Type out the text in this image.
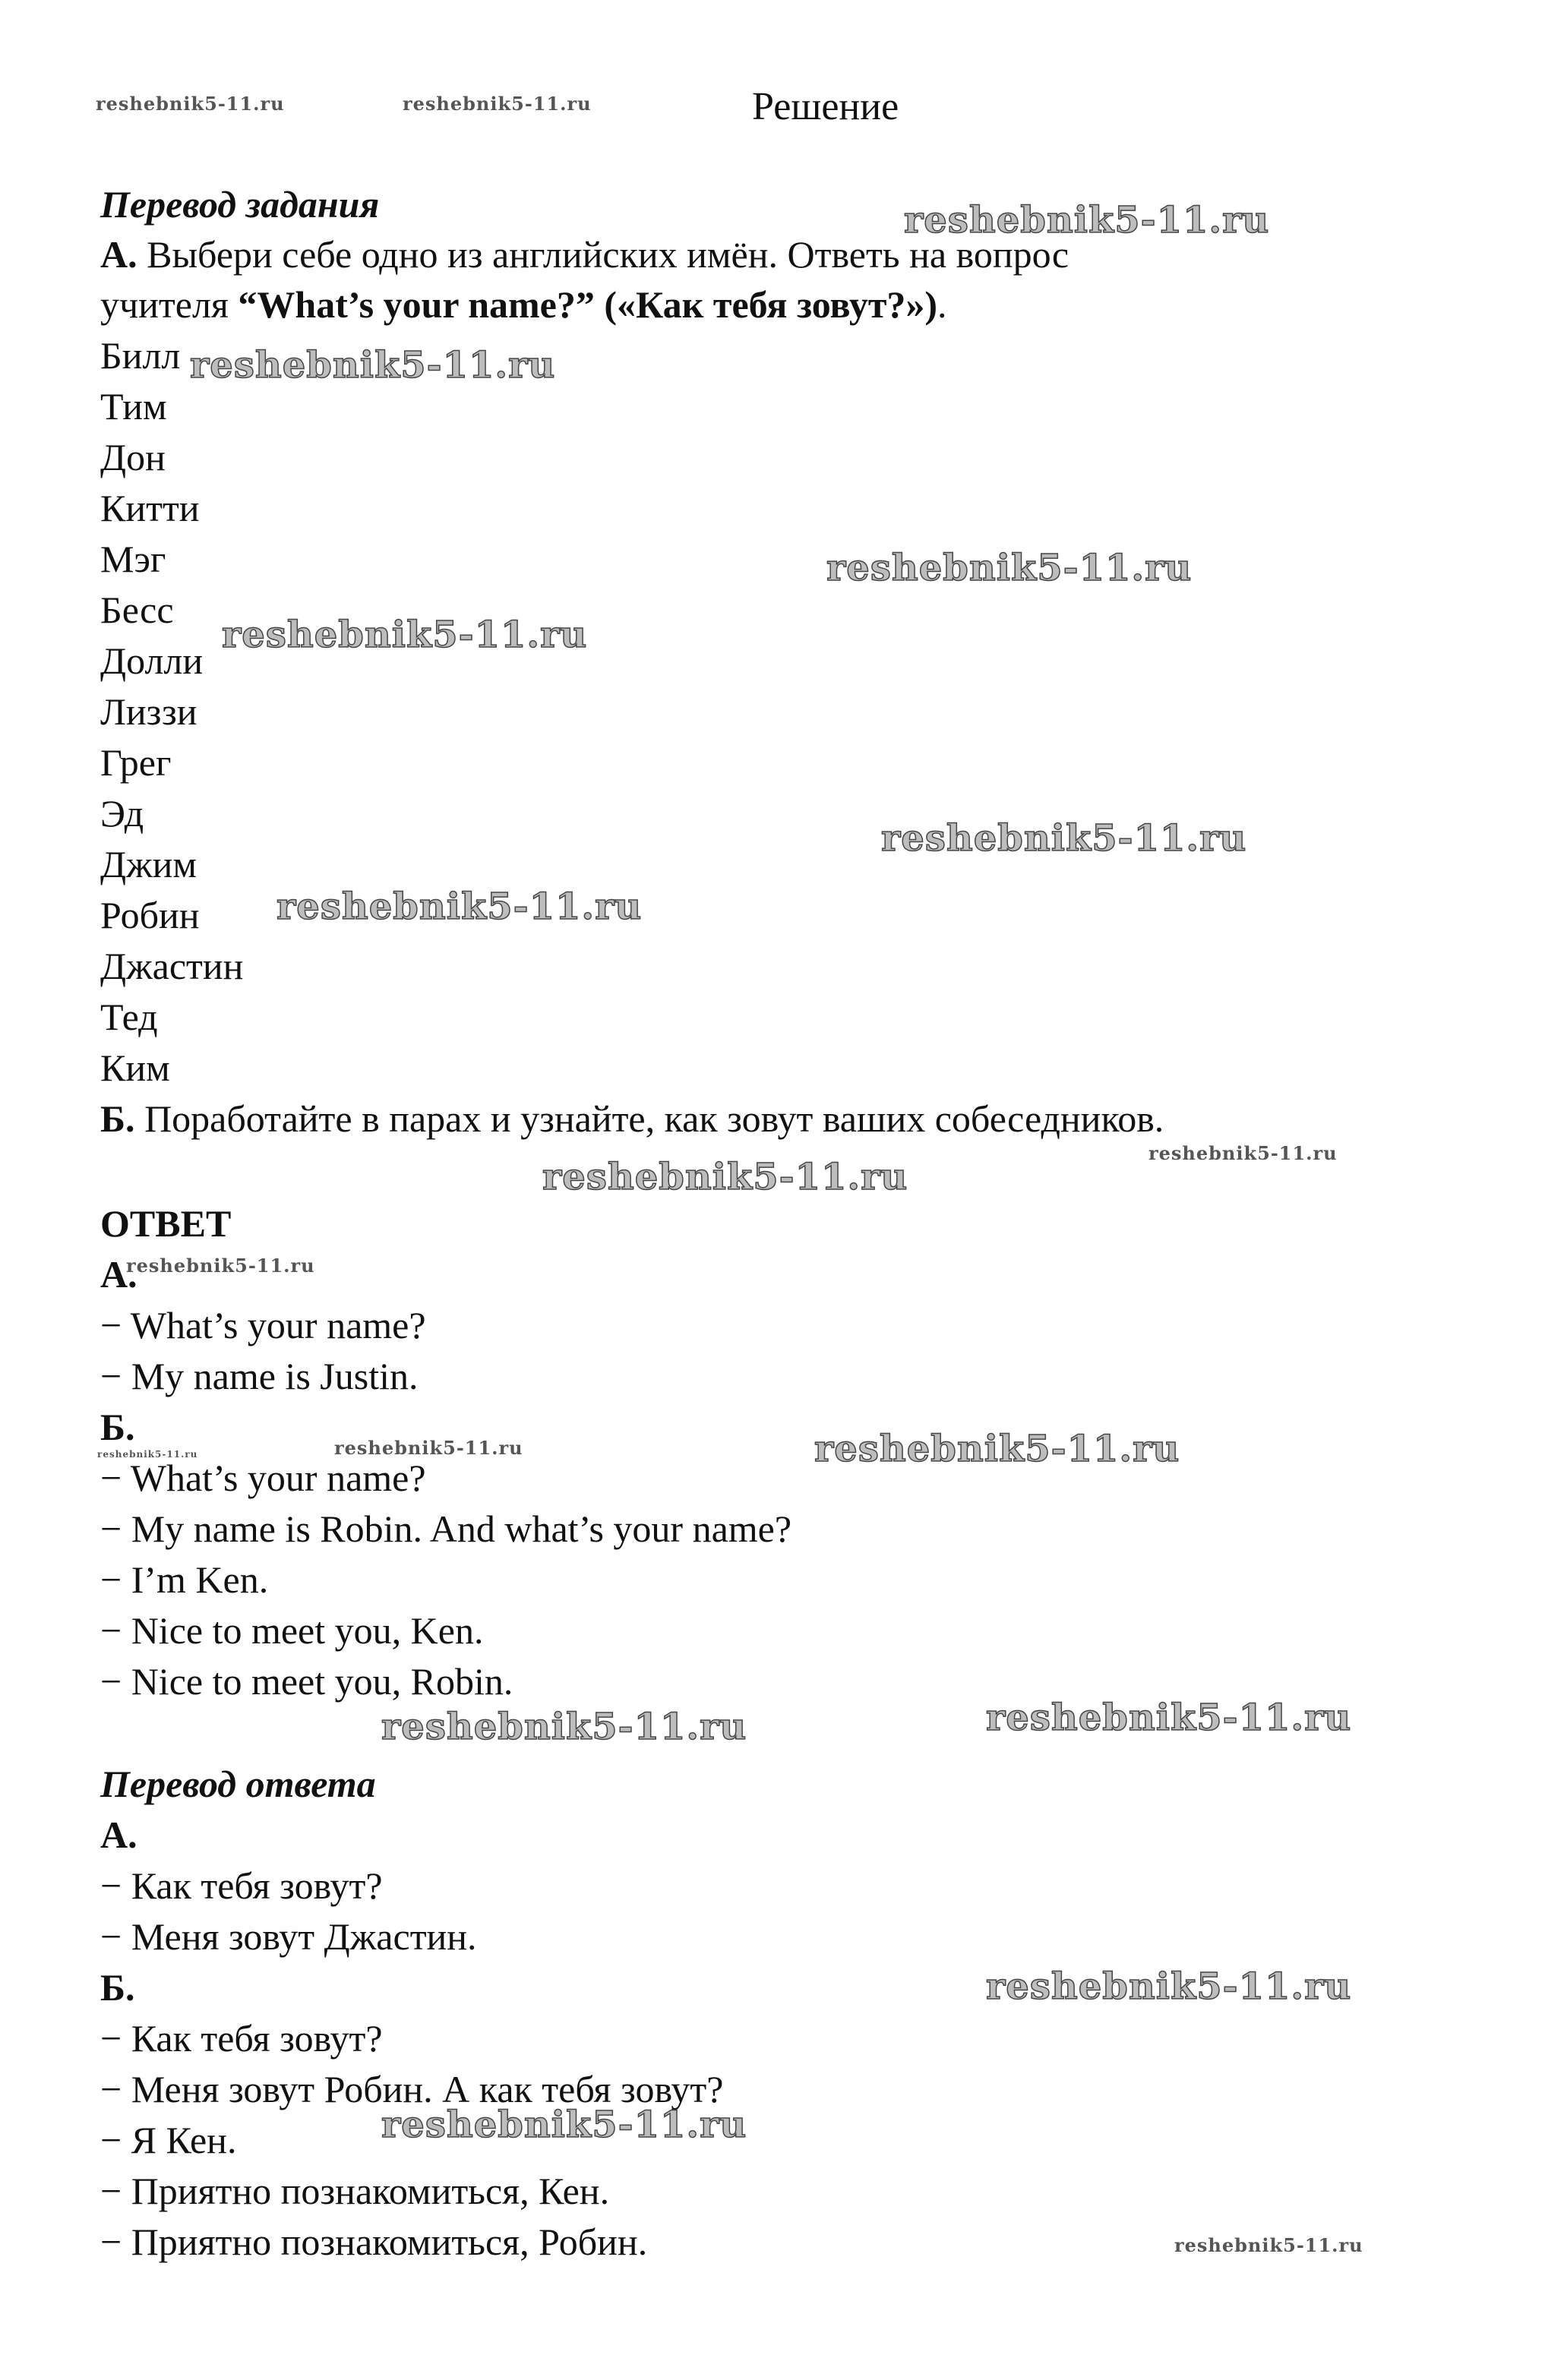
Решение
Перевод задания
А. Выбери себе одно из английских имён. Ответь на вопрос
учителя “What’s your name?” («Как тебя зовут?»).
Билл
Тим
Дон
Китти
Мэг
Бесс
Долли
Лиззи
Грег
Эд
Джим
Робин
Джастин
Тед
Ким
Б. Поработайте в парах и узнайте, как зовут ваших собеседников.
ОТВЕТ
А.
− What’s your name?
− My name is Justin.
Б.
− What’s your name?
− My name is Robin. And what’s your name?
− I’m Ken.
− Nice to meet you, Ken.
− Nice to meet you, Robin.
Перевод ответа
А.
− Как тебя зовут?
− Меня зовут Джастин.
Б.
− Как тебя зовут?
− Меня зовут Робин. А как тебя зовут?
− Я Кен.
− Приятно познакомиться, Кен.
− Приятно познакомиться, Робин.
reshebnik5-11.ru	reshebnik5-11.ru
reshebnik5-11.ru
reshebnik5-11.ru
reshebnik5-11.ru
reshebnik5-11.ru
reshebnik5-11.ru
reshebnik5-11.ru
reshebnik5-11.ru
reshebnik5-11.ru
reshebnik5-11.ru
reshebnik5-11.ru
reshebnik5-11.ru	reshebnik5-11.ru
reshebnik5-11.ru	reshebnik5-11.ru
reshebnik5-11.ru
reshebnik5-11.ru
reshebnik5-11.ru
